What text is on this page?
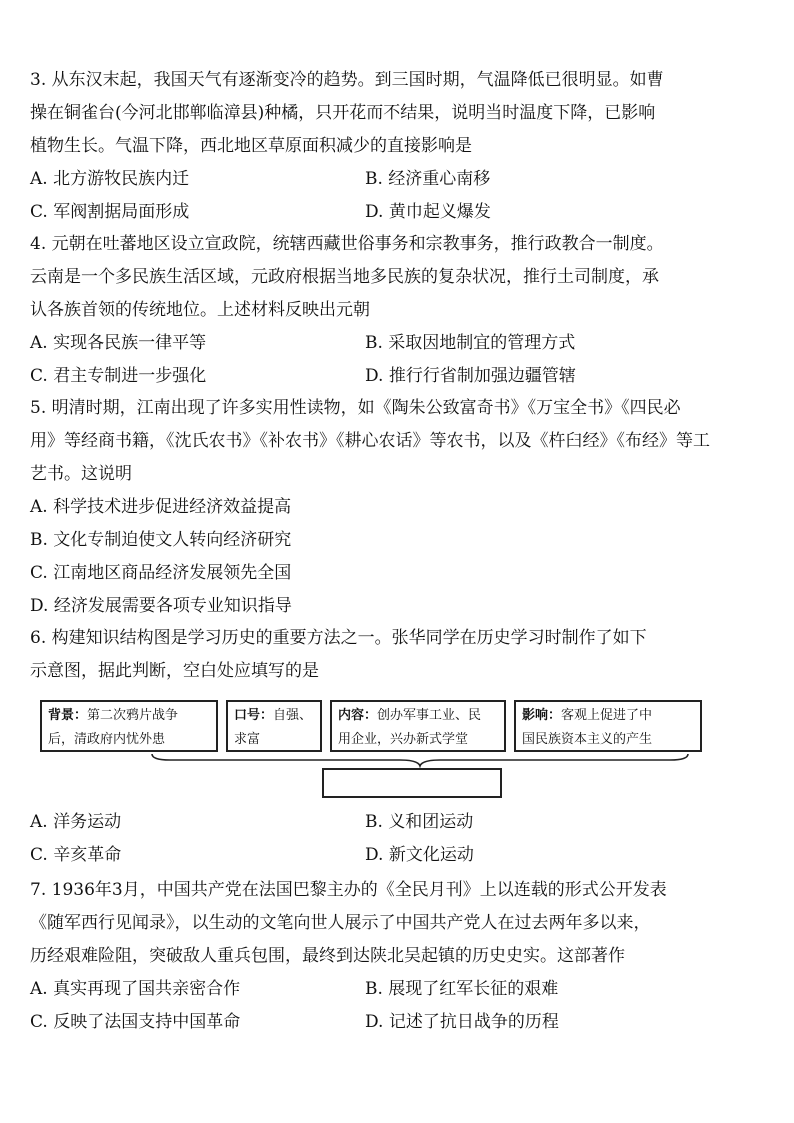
3. 从东汉末起，我国天气有逐渐变冷的趋势。到三国时期，气温降低已很明显。如曹

操在铜雀台(今河北邯郸临漳县)种橘，只开花而不结果，说明当时温度下降，已影响

植物生长。气温下降，西北地区草原面积减少的直接影响是

A. 北方游牧民族内迁	B. 经济重心南移
C. 军阀割据局面形成	D. 黄巾起义爆发

4. 元朝在吐蕃地区设立宣政院，统辖西藏世俗事务和宗教事务，推行政教合一制度。

云南是一个多民族生活区域，元政府根据当地多民族的复杂状况，推行土司制度，承

认各族首领的传统地位。上述材料反映出元朝

A. 实现各民族一律平等	B. 采取因地制宜的管理方式
C. 君主专制进一步强化	D. 推行行省制加强边疆管辖

5. 明清时期，江南出现了许多实用性读物，如《陶朱公致富奇书》《万宝全书》《四民必

用》等经商书籍，《沈氏农书》《补农书》《耕心农话》等农书，以及《杵臼经》《布经》等工

艺书。这说明

A. 科学技术进步促进经济效益提高
B. 文化专制迫使文人转向经济研究
C. 江南地区商品经济发展领先全国
D. 经济发展需要各项专业知识指导

6. 构建知识结构图是学习历史的重要方法之一。张华同学在历史学习时制作了如下

示意图，据此判断，空白处应填写的是

背景：第二次鸦片战争
后，清政府内忧外患
口号：自强、
求富
内容：创办军事工业、民
用企业，兴办新式学堂
影响：客观上促进了中
国民族资本主义的产生
A. 洋务运动	B. 义和团运动
C. 辛亥革命	D. 新文化运动

7. 1936年3月，中国共产党在法国巴黎主办的《全民月刊》上以连载的形式公开发表

《随军西行见闻录》，以生动的文笔向世人展示了中国共产党人在过去两年多以来，

历经艰难险阻，突破敌人重兵包围，最终到达陕北吴起镇的历史史实。这部著作

A. 真实再现了国共亲密合作	B. 展现了红军长征的艰难
C. 反映了法国支持中国革命	D. 记述了抗日战争的历程
